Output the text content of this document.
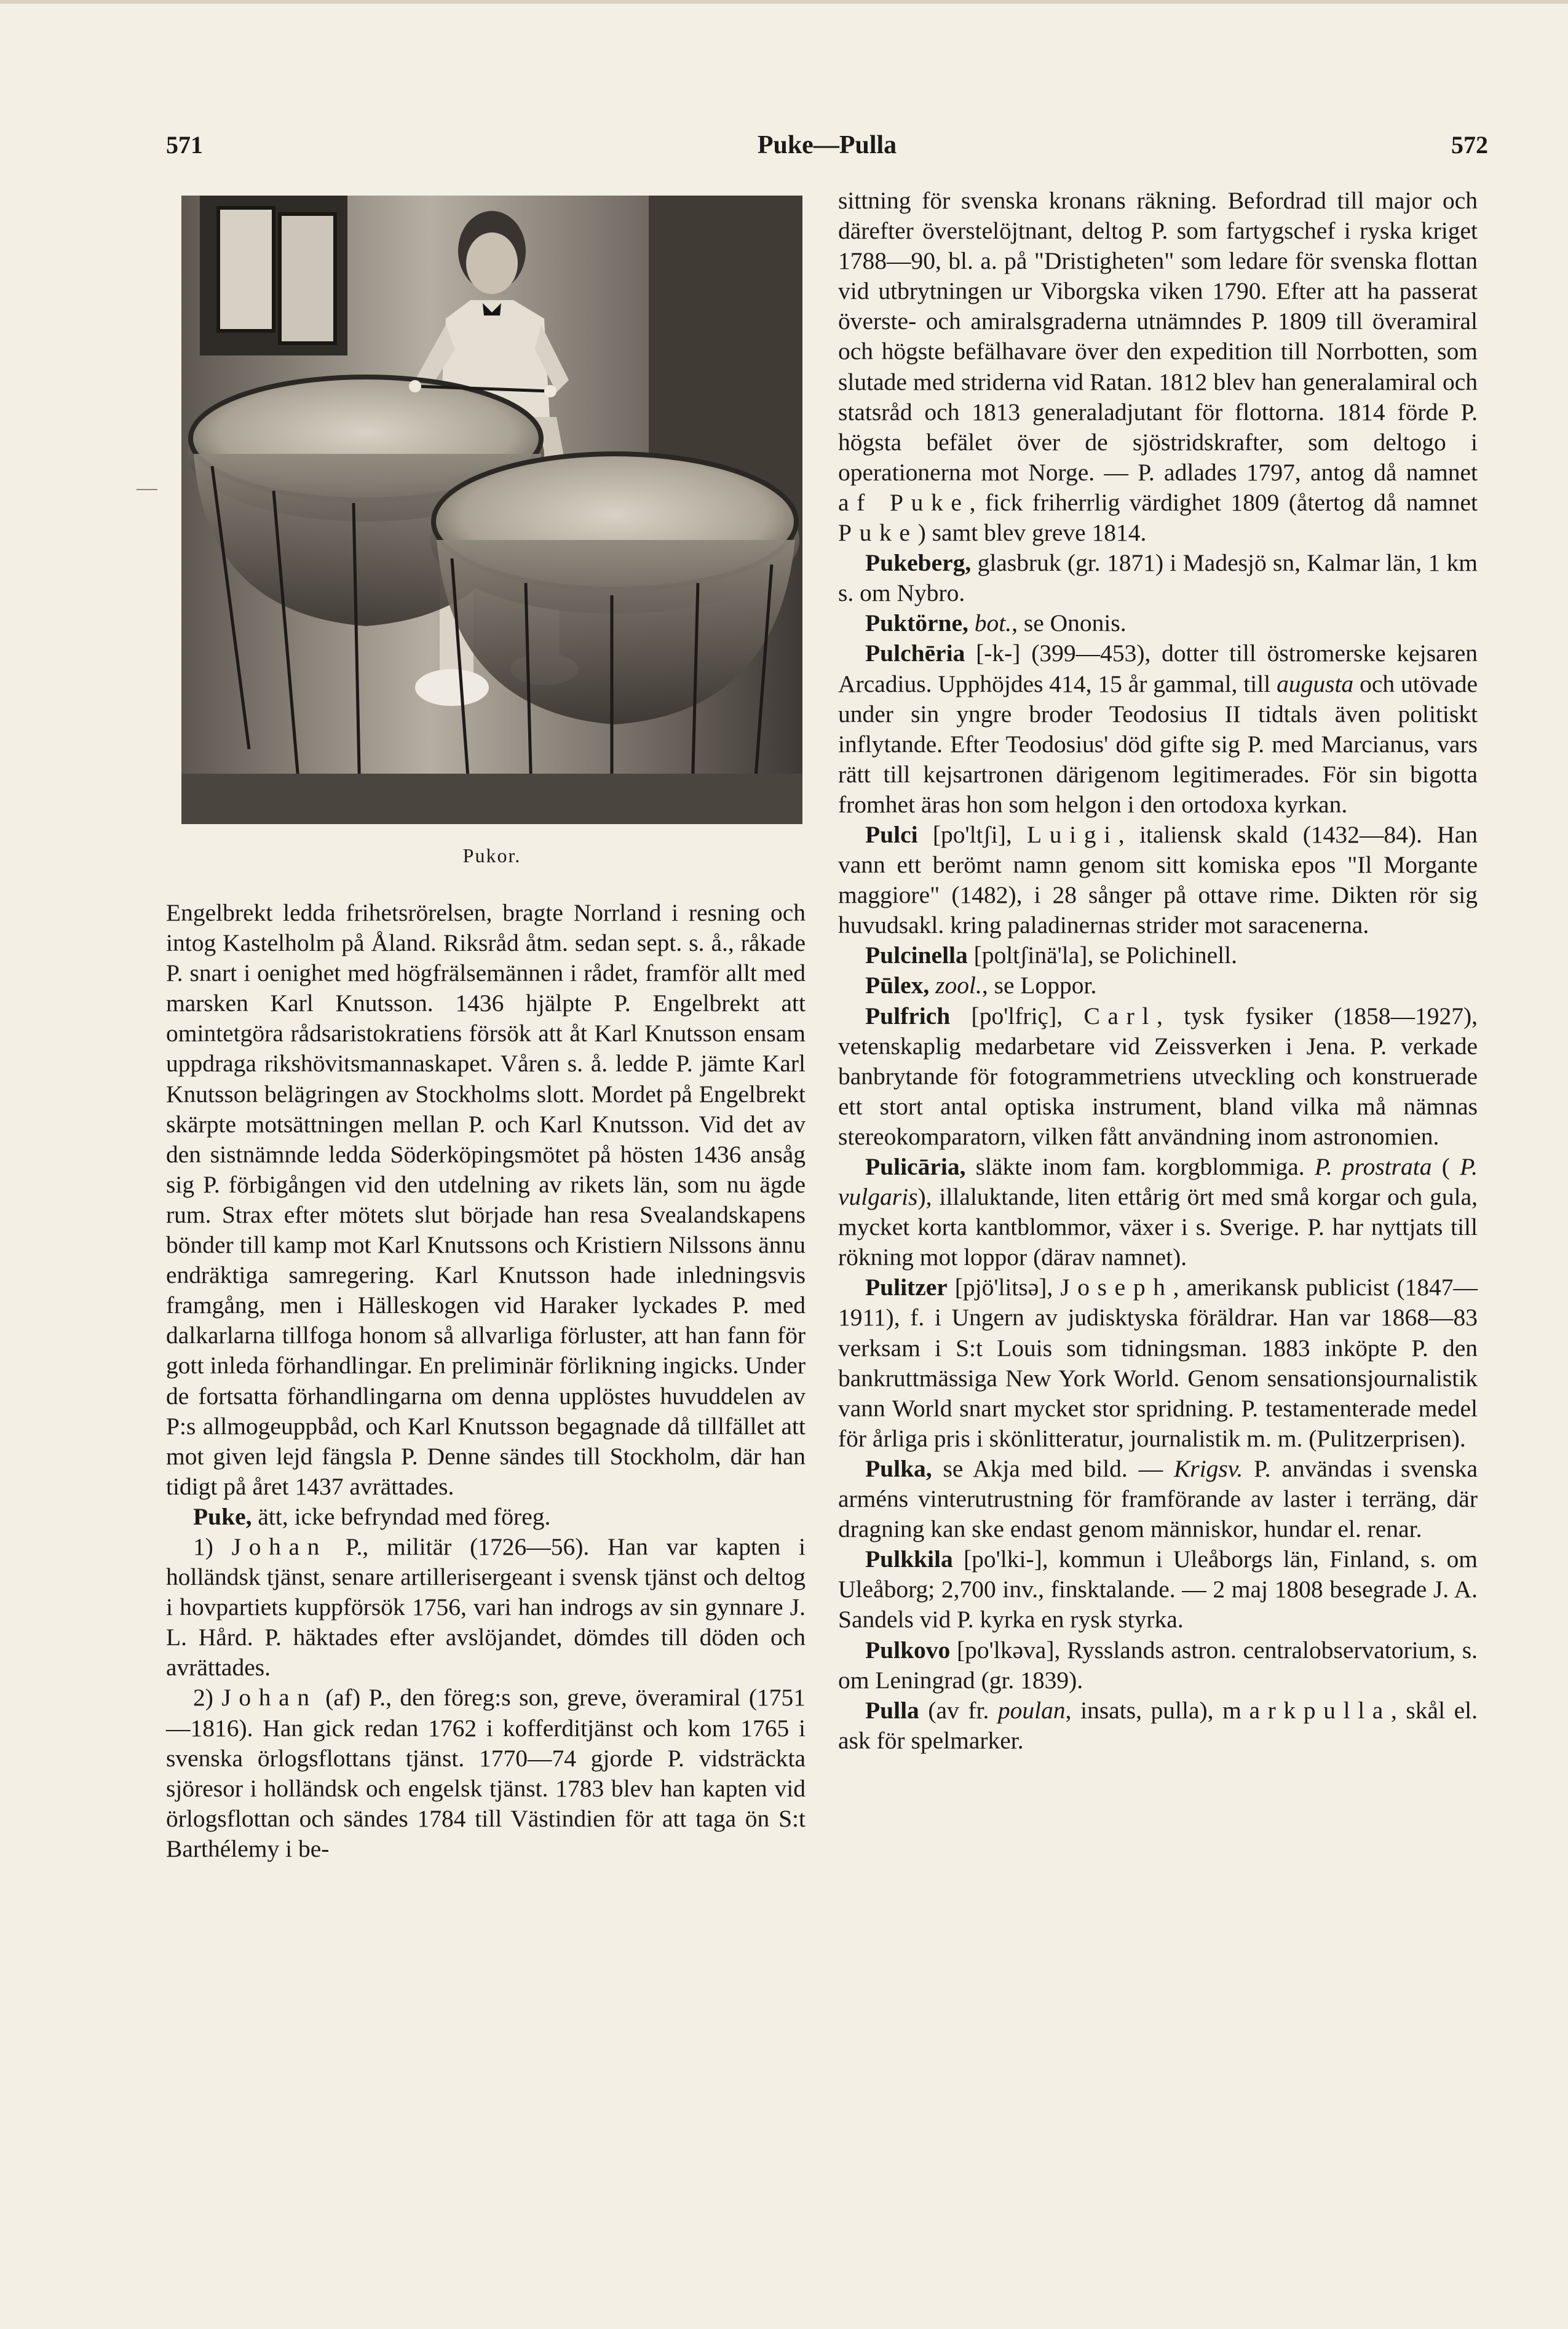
571	Puke—Pulla	572
Pukor.

Engelbrekt ledda frihetsrörelsen, bragte Norrland i resning och intog Kastelholm på Åland. Riksråd åtm. sedan sept. s. å., råkade P. snart i oenighet med högfrälsemännen i rådet, framför allt med marsken Karl Knutsson. 1436 hjälpte P. Engelbrekt att omintetgöra rådsaristokratiens försök att åt Karl Knutsson ensam uppdraga rikshövitsmannaskapet. Våren s. å. ledde P. jämte Karl Knutsson belägringen av Stockholms slott. Mordet på Engelbrekt skärpte motsättningen mellan P. och Karl Knutsson. Vid det av den sistnämnde ledda Söderköpingsmötet på hösten 1436 ansåg sig P. förbigången vid den utdelning av rikets län, som nu ägde rum. Strax efter mötets slut började han resa Svealandskapens bönder till kamp mot Karl Knutssons och Kristiern Nilssons ännu endräktiga samregering. Karl Knutsson hade inledningsvis framgång, men i Hälleskogen vid Haraker lyckades P. med dalkarlarna tillfoga honom så allvarliga förluster, att han fann för gott inleda förhandlingar. En preliminär förlikning ingicks. Under de fortsatta förhandlingarna om denna upplöstes huvuddelen av P:s allmogeuppbåd, och Karl Knutsson begagnade då tillfället att mot given lejd fängsla P. Denne sändes till Stockholm, där han tidigt på året 1437 avrättades.

Puke, ätt, icke befryndad med föreg.

1) Johan P., militär (1726—56). Han var kapten i holländsk tjänst, senare artillerisergeant i svensk tjänst och deltog i hovpartiets kuppförsök 1756, vari han indrogs av sin gynnare J. L. Hård. P. häktades efter avslöjandet, dömdes till döden och avrättades.

2) Johan (af) P., den föreg:s son, greve, överamiral (1751—1816). Han gick redan 1762 i kofferditjänst och kom 1765 i svenska örlogsflottans tjänst. 1770—74 gjorde P. vidsträckta sjöresor i holländsk och engelsk tjänst. 1783 blev han kapten vid örlogsflottan och sändes 1784 till Västindien för att taga ön S:t Barthélemy i be-

sittning för svenska kronans räkning. Befordrad till major och därefter överstelöjtnant, deltog P. som fartygschef i ryska kriget 1788—90, bl. a. på "Dristigheten" som ledare för svenska flottan vid utbrytningen ur Viborgska viken 1790. Efter att ha passerat överste- och amiralsgraderna utnämndes P. 1809 till överamiral och högste befälhavare över den expedition till Norrbotten, som slutade med striderna vid Ratan. 1812 blev han generalamiral och statsråd och 1813 generaladjutant för flottorna. 1814 förde P. högsta befälet över de sjöstridskrafter, som deltogo i operationerna mot Norge. — P. adlades 1797, antog då namnet af Puke, fick friherrlig värdighet 1809 (återtog då namnet Puke) samt blev greve 1814.

Pukeberg, glasbruk (gr. 1871) i Madesjö sn, Kalmar län, 1 km s. om Nybro.

Puktörne, bot., se Ononis.

Pulchēria [-k-] (399—453), dotter till östromerske kejsaren Arcadius. Upphöjdes 414, 15 år gammal, till augusta och utövade under sin yngre broder Teodosius II tidtals även politiskt inflytande. Efter Teodosius' död gifte sig P. med Marcianus, vars rätt till kejsartronen därigenom legitimerades. För sin bigotta fromhet äras hon som helgon i den ortodoxa kyrkan.

Pulci [po'ltʃi], Luigi, italiensk skald (1432—84). Han vann ett berömt namn genom sitt komiska epos "Il Morgante maggiore" (1482), i 28 sånger på ottave rime. Dikten rör sig huvudsakl. kring paladinernas strider mot saracenerna.

Pulcinella [poltʃinä'la], se Polichinell.

Pūlex, zool., se Loppor.

Pulfrich [po'lfriç], Carl, tysk fysiker (1858—1927), vetenskaplig medarbetare vid Zeissverken i Jena. P. verkade banbrytande för fotogrammetriens utveckling och konstruerade ett stort antal optiska instrument, bland vilka må nämnas stereokomparatorn, vilken fått användning inom astronomien.

Pulicāria, släkte inom fam. korgblommiga. P. prostrata ( P. vulgaris), illaluktande, liten ettårig ört med små korgar och gula, mycket korta kantblommor, växer i s. Sverige. P. har nyttjats till rökning mot loppor (därav namnet).

Pulitzer [pjö'litsə], Joseph, amerikansk publicist (1847—1911), f. i Ungern av judisktyska föräldrar. Han var 1868—83 verksam i S:t Louis som tidningsman. 1883 inköpte P. den bankruttmässiga New York World. Genom sensationsjournalistik vann World snart mycket stor spridning. P. testamenterade medel för årliga pris i skönlitteratur, journalistik m. m. (Pulitzerprisen).

Pulka, se Akja med bild. — Krigsv. P. användas i svenska arméns vinterutrustning för framförande av laster i terräng, där dragning kan ske endast genom människor, hundar el. renar.

Pulkkila [po'lki-], kommun i Uleåborgs län, Finland, s. om Uleåborg; 2,700 inv., finsktalande. — 2 maj 1808 besegrade J. A. Sandels vid P. kyrka en rysk styrka.

Pulkovo [po'lkəva], Rysslands astron. centralobservatorium, s. om Leningrad (gr. 1839).

Pulla (av fr. poulan, insats, pulla), markpulla, skål el. ask för spelmarker.
